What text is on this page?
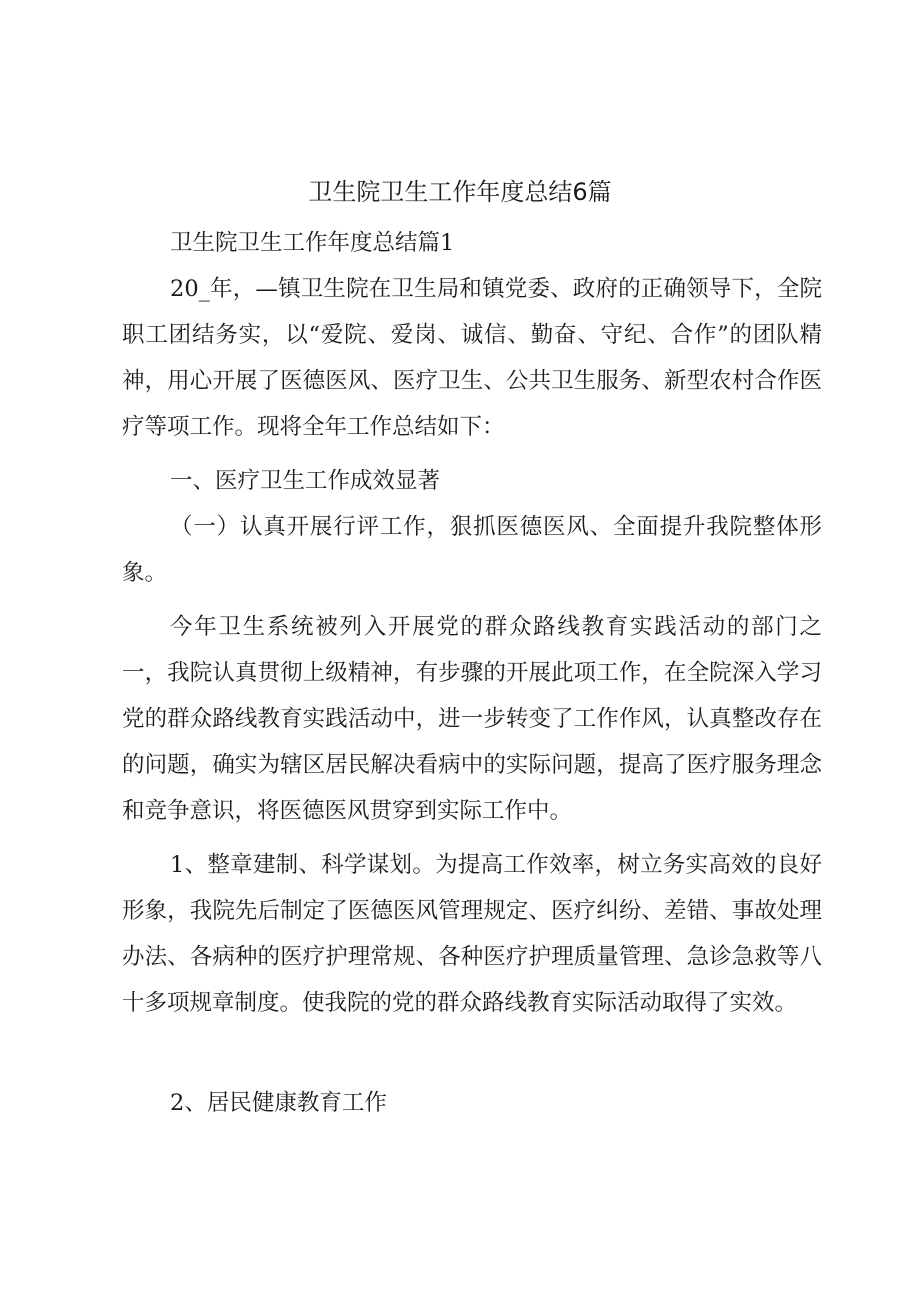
卫生院卫生工作年度总结6篇

卫生院卫生工作年度总结篇1

20_年，—镇卫生院在卫生局和镇党委、政府的正确领导下，全院职工团结务实，以“爱院、爱岗、诚信、勤奋、守纪、合作”的团队精神，用心开展了医德医风、医疗卫生、公共卫生服务、新型农村合作医疗等项工作。现将全年工作总结如下：

一、医疗卫生工作成效显著

（一）认真开展行评工作，狠抓医德医风、全面提升我院整体形象。

今年卫生系统被列入开展党的群众路线教育实践活动的部门之一，我院认真贯彻上级精神，有步骤的开展此项工作，在全院深入学习党的群众路线教育实践活动中，进一步转变了工作作风，认真整改存在的问题，确实为辖区居民解决看病中的实际问题，提高了医疗服务理念和竞争意识，将医德医风贯穿到实际工作中。

1、整章建制、科学谋划。为提高工作效率，树立务实高效的良好形象，我院先后制定了医德医风管理规定、医疗纠纷、差错、事故处理办法、各病种的医疗护理常规、各种医疗护理质量管理、急诊急救等八十多项规章制度。使我院的党的群众路线教育实际活动取得了实效。

2、居民健康教育工作
